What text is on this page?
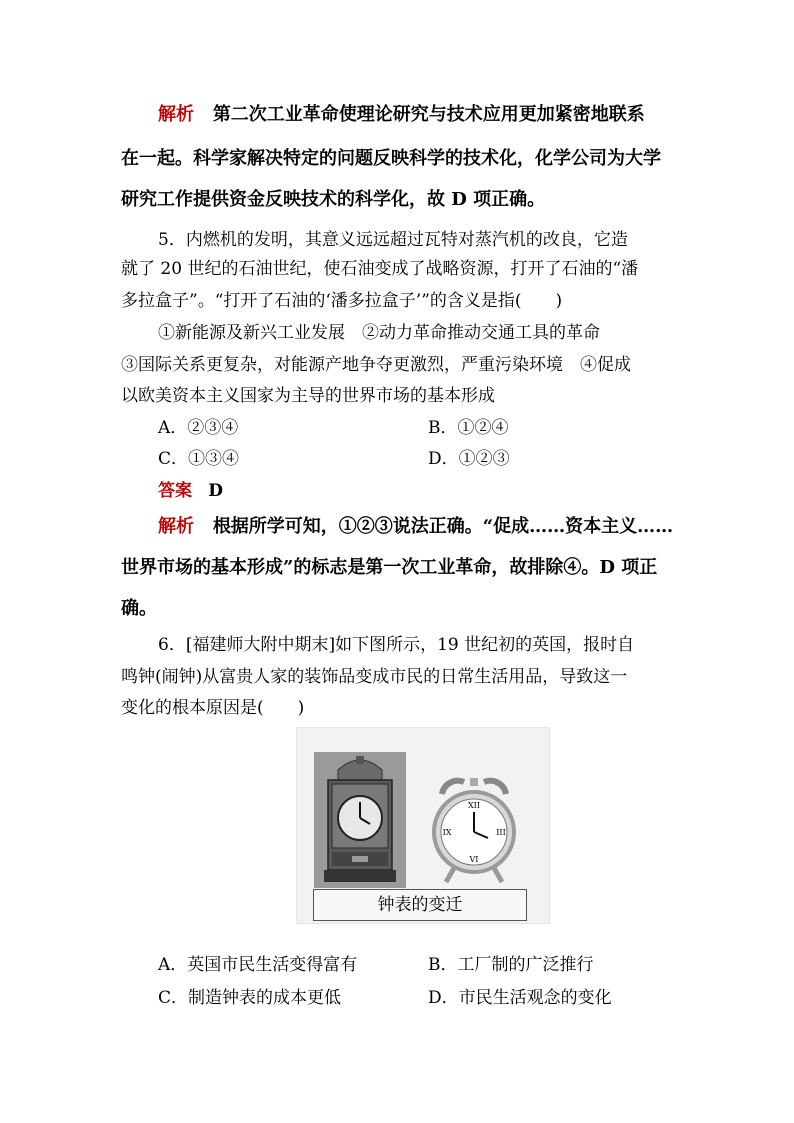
解析 第二次工业革命使理论研究与技术应用更加紧密地联系
在一起。科学家解决特定的问题反映科学的技术化，化学公司为大学
研究工作提供资金反映技术的科学化，故 D 项正确。
5．内燃机的发明，其意义远远超过瓦特对蒸汽机的改良，它造
就了 20 世纪的石油世纪，使石油变成了战略资源，打开了石油的“潘
多拉盒子”。“打开了石油的‘潘多拉盒子’”的含义是指(　　)
①新能源及新兴工业发展　②动力革命推动交通工具的革命
③国际关系更复杂，对能源产地争夺更激烈，严重污染环境　④促成
以欧美资本主义国家为主导的世界市场的基本形成
A．②③④	B．①②④
C．①③④	D．①②③
答案 D
解析 根据所学可知，①②③说法正确。“促成……资本主义……
世界市场的基本形成”的标志是第一次工业革命，故排除④。D 项正
确。
6．[福建师大附中期末]如下图所示，19 世纪初的英国，报时自
鸣钟(闹钟)从富贵人家的装饰品变成市民的日常生活用品，导致这一
变化的根本原因是(　　)
XII
III
VI
IX
钟表的变迁
A．英国市民生活变得富有	B．工厂制的广泛推行
C．制造钟表的成本更低	D．市民生活观念的变化
